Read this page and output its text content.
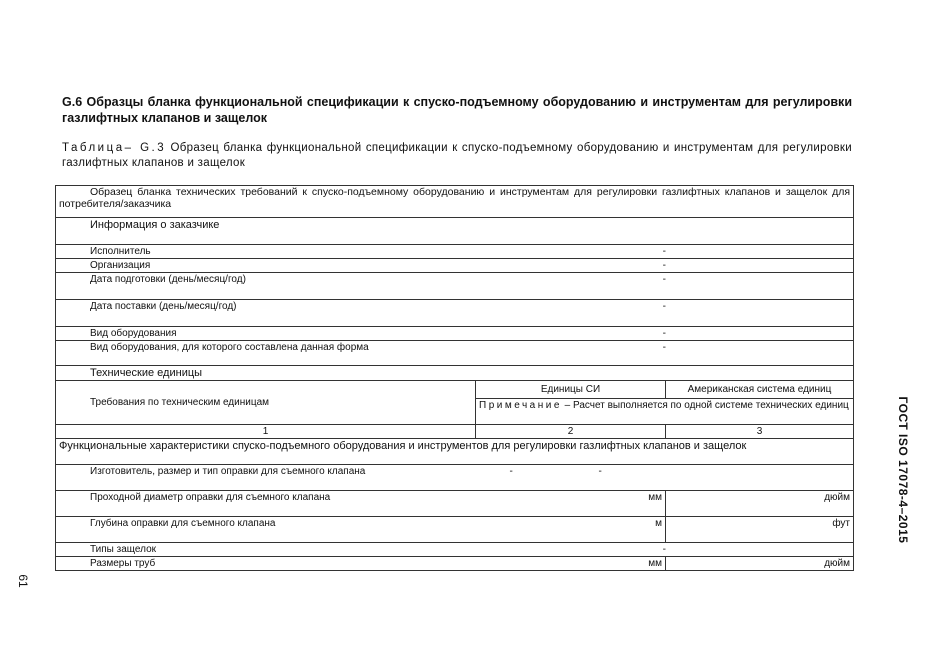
G.6 Образцы бланка функциональной спецификации к спуско-подъемному оборудованию и инструментам для регулировки газлифтных клапанов и защелок
Таблица– G.3 Образец бланка функциональной спецификации к спуско-подъемному оборудованию и инструментам для регулировки газлифтных клапанов и защелок
Образец бланка технических требований к спуско-подъемному оборудованию и инструментам для регулировки газлифтных клапанов и защелок для потребителя/заказчика			
Информация о заказчике			
Исполнитель	-		
Организация	-		
Дата подготовки (день/месяц/год)	-		
Дата поставки (день/месяц/год)	-		
Вид оборудования	-		
Вид оборудования, для которого составлена данная форма	-		
Технические единицы			
Требования по техническим единицам	Единицы СИ		Американская система единиц
	Примечание – Расчет выполняется по одной системе технических единиц		
1	2		3
Функциональные характеристики спуско-подъемного оборудования и инструментов для регулировки газлифтных клапанов и защелок			
Изготовитель, размер и тип оправки для съемного клапана	-	-	
Проходной диаметр оправки для съемного клапана		мм	дюйм
Глубина оправки для съемного клапана		м	фут
Типы защелок	-		
Размеры труб		мм	дюйм
ГОСТ ISO 17078-4–2015
61
